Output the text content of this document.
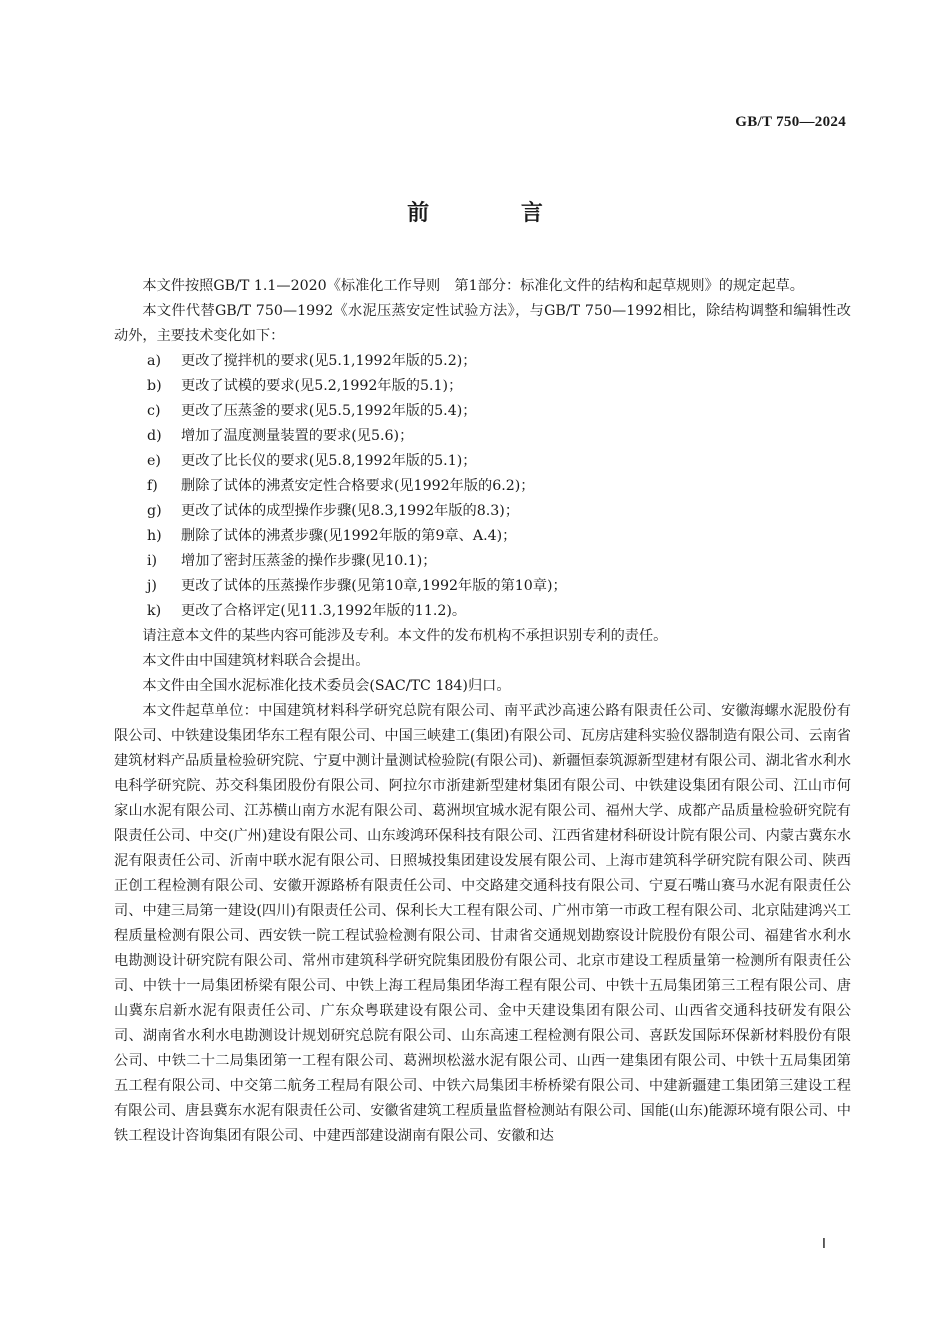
GB/T 750—2024
前 言

本文件按照GB/T 1.1—2020《标准化工作导则　第1部分：标准化文件的结构和起草规则》的规定起草。

本文件代替GB/T 750—1992《水泥压蒸安定性试验方法》，与GB/T 750—1992相比，除结构调整和编辑性改动外，主要技术变化如下：

a)	更改了搅拌机的要求(见5.1,1992年版的5.2)；
b)	更改了试模的要求(见5.2,1992年版的5.1)；
c)	更改了压蒸釜的要求(见5.5,1992年版的5.4)；
d)	增加了温度测量装置的要求(见5.6)；
e)	更改了比长仪的要求(见5.8,1992年版的5.1)；
f)	删除了试体的沸煮安定性合格要求(见1992年版的6.2)；
g)	更改了试体的成型操作步骤(见8.3,1992年版的8.3)；
h)	删除了试体的沸煮步骤(见1992年版的第9章、A.4)；
i)	增加了密封压蒸釜的操作步骤(见10.1)；
j)	更改了试体的压蒸操作步骤(见第10章,1992年版的第10章)；
k)	更改了合格评定(见11.3,1992年版的11.2)。

请注意本文件的某些内容可能涉及专利。本文件的发布机构不承担识别专利的责任。

本文件由中国建筑材料联合会提出。

本文件由全国水泥标准化技术委员会(SAC/TC 184)归口。

本文件起草单位：中国建筑材料科学研究总院有限公司、南平武沙高速公路有限责任公司、安徽海螺水泥股份有限公司、中铁建设集团华东工程有限公司、中国三峡建工(集团)有限公司、瓦房店建科实验仪器制造有限公司、云南省建筑材料产品质量检验研究院、宁夏中测计量测试检验院(有限公司)、新疆恒泰筑源新型建材有限公司、湖北省水利水电科学研究院、苏交科集团股份有限公司、阿拉尔市浙建新型建材集团有限公司、中铁建设集团有限公司、江山市何家山水泥有限公司、江苏横山南方水泥有限公司、葛洲坝宜城水泥有限公司、福州大学、成都产品质量检验研究院有限责任公司、中交(广州)建设有限公司、山东竣鸿环保科技有限公司、江西省建材科研设计院有限公司、内蒙古冀东水泥有限责任公司、沂南中联水泥有限公司、日照城投集团建设发展有限公司、上海市建筑科学研究院有限公司、陕西正创工程检测有限公司、安徽开源路桥有限责任公司、中交路建交通科技有限公司、宁夏石嘴山赛马水泥有限责任公司、中建三局第一建设(四川)有限责任公司、保利长大工程有限公司、广州市第一市政工程有限公司、北京陆建鸿兴工程质量检测有限公司、西安铁一院工程试验检测有限公司、甘肃省交通规划勘察设计院股份有限公司、福建省水利水电勘测设计研究院有限公司、常州市建筑科学研究院集团股份有限公司、北京市建设工程质量第一检测所有限责任公司、中铁十一局集团桥梁有限公司、中铁上海工程局集团华海工程有限公司、中铁十五局集团第三工程有限公司、唐山冀东启新水泥有限责任公司、广东众粤联建设有限公司、金中天建设集团有限公司、山西省交通科技研发有限公司、湖南省水利水电勘测设计规划研究总院有限公司、山东高速工程检测有限公司、喜跃发国际环保新材料股份有限公司、中铁二十二局集团第一工程有限公司、葛洲坝松滋水泥有限公司、山西一建集团有限公司、中铁十五局集团第五工程有限公司、中交第二航务工程局有限公司、中铁六局集团丰桥桥梁有限公司、中建新疆建工集团第三建设工程有限公司、唐县冀东水泥有限责任公司、安徽省建筑工程质量监督检测站有限公司、国能(山东)能源环境有限公司、中铁工程设计咨询集团有限公司、中建西部建设湖南有限公司、安徽和达

Ⅰ
